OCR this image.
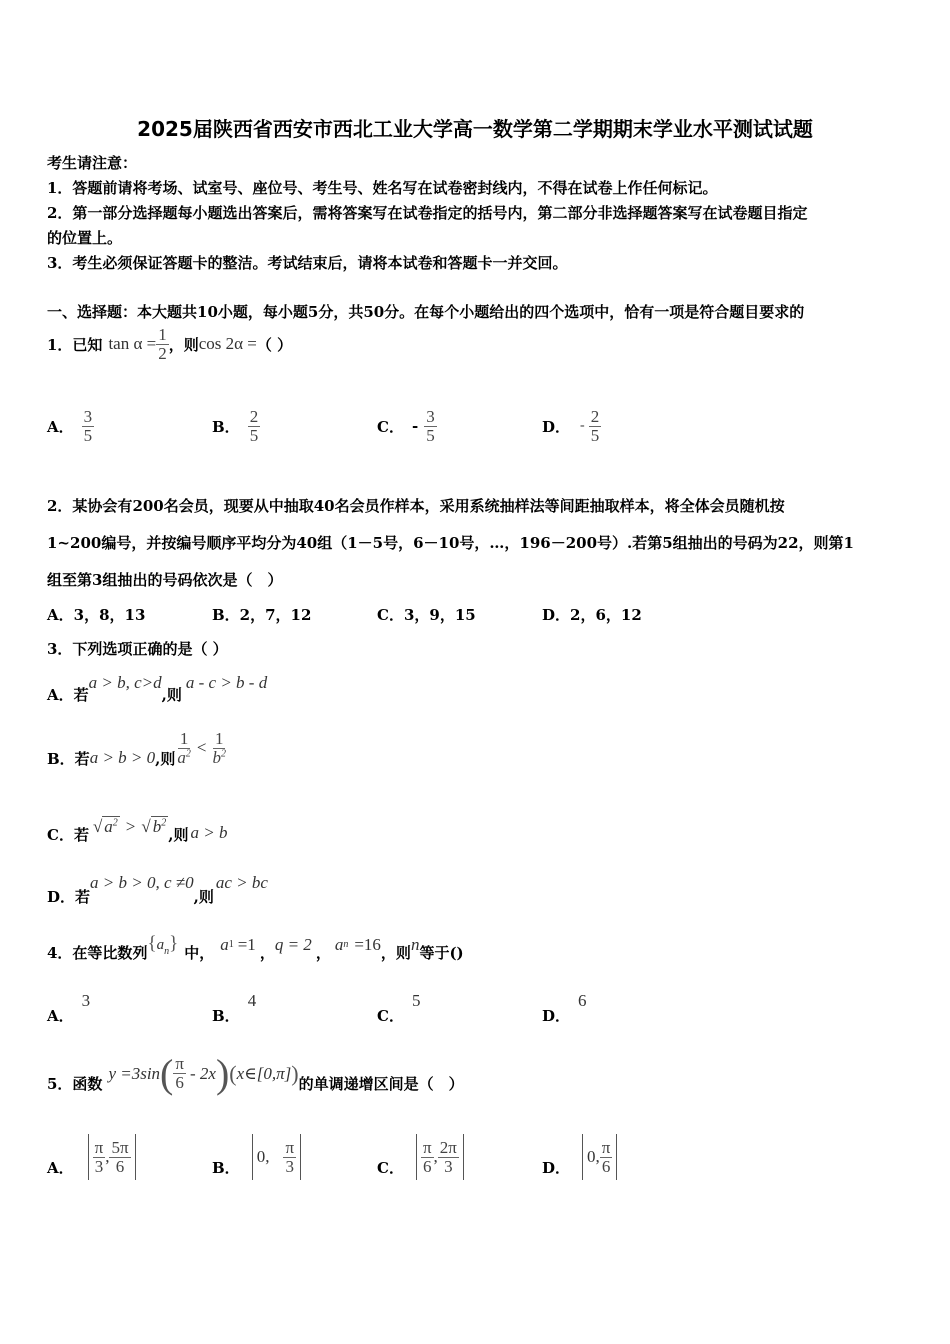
2025届陕西省西安市西北工业大学高一数学第二学期期末学业水平测试试题
考生请注意：
1．答题前请将考场、试室号、座位号、考生号、姓名写在试卷密封线内，不得在试卷上作任何标记。
2．第一部分选择题每小题选出答案后，需将答案写在试卷指定的括号内，第二部分非选择题答案写在试卷题目指定
的位置上。
3．考生必须保证答题卡的整洁。考试结束后，请将本试卷和答题卡一并交回。
一、选择题：本大题共10小题，每小题5分，共50分。在每个小题给出的四个选项中，恰有一项是符合题目要求的
1．已知 $\tan \alpha = \frac{1}{2}$ ，则 cos 2α = （ ）
A． $\frac{3}{5}$	B． $\frac{2}{5}$	C． - $\frac{3}{5}$	D． - $\frac{2}{5}$
2．某协会有200名会员，现要从中抽取40名会员作样本，采用系统抽样法等间距抽取样本，将全体会员随机按
1~200编号，并按编号顺序平均分为40组（1－5号，6－10号，…，196－200号）.若第5组抽出的号码为22，则第1
组至第3组抽出的号码依次是（　）
A．3，8，13	B．2，7，12	C．3，9，15	D．2，6，12
3．下列选项正确的是（ ）
A．若a > b, c>d,则a - c > b - d
B．若 a > b > 0 ,则 $\frac{1}{a^2} < \frac{1}{b^2}$
C．若 √ $a^2$ > √ $b^2$
,则 a > b
D．若a > b > 0, c ≠0,则ac > bc
4．在等比数列 $\{a_n\}$ 中， a 1 =1 ， q = 2 ， a n =16 ，则 n 等于()
A．3
B．4
C．5
D．6
5．函数
y =3sin ( $\frac{\pi}{6} - 2x$ ) ( x∈[0,π] ) 的单调递增区间是（　）
A． $\frac{\pi}{3}$ , $\frac{5\pi}{6}$	B．
0, $\frac{\pi}{3}$	C． $\frac{\pi}{6}$ , $\frac{2\pi}{3}$	D．
0, $\frac{\pi}{6}$
